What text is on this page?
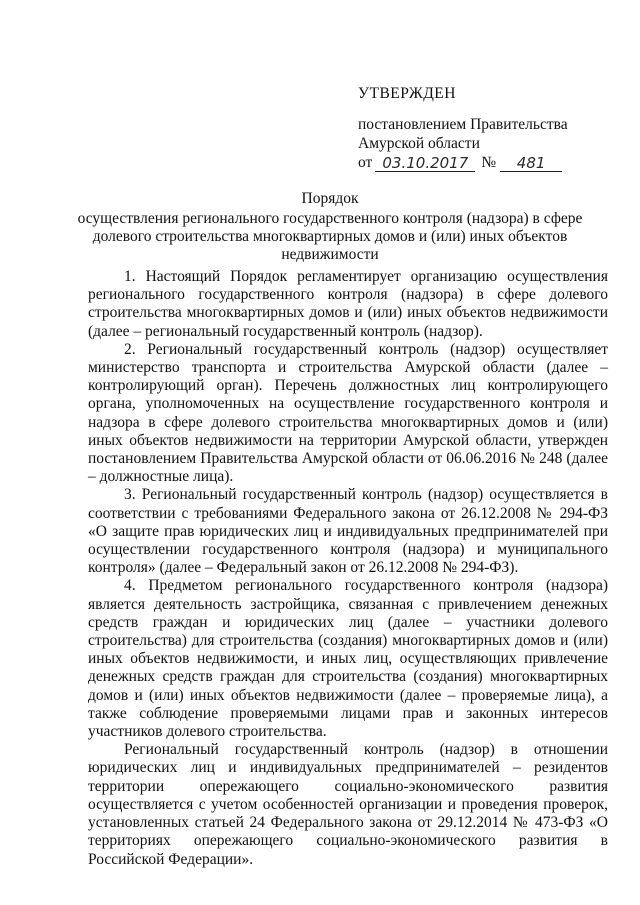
УТВЕРЖДЕН
постановлением Правительства
Амурской области
от 03.10.2017 №	481
Порядок
осуществления регионального государственного контроля (надзора) в сфере
долевого строительства многоквартирных домов и (или) иных объектов
недвижимости

1. Настоящий Порядок регламентирует организацию осуществления регионального государственного контроля (надзора) в сфере долевого строительства многоквартирных домов и (или) иных объектов недвижимости (далее – региональный государственный контроль (надзор).

2. Региональный государственный контроль (надзор) осуществляет министерство транспорта и строительства Амурской области (далее – контролирующий орган). Перечень должностных лиц контролирующего органа, уполномоченных на осуществление государственного контроля и надзора в сфере долевого строительства многоквартирных домов и (или) иных объектов недвижимости на территории Амурской области, утвержден постановлением Правительства Амурской области от 06.06.2016 № 248 (далее – должностные лица).

3. Региональный государственный контроль (надзор) осуществляется в соответствии с требованиями Федерального закона от 26.12.2008 № 294-ФЗ «О защите прав юридических лиц и индивидуальных предпринимателей при осуществлении государственного контроля (надзора) и муниципального контроля» (далее – Федеральный закон от 26.12.2008 № 294-ФЗ).

4. Предметом регионального государственного контроля (надзора) является деятельность застройщика, связанная с привлечением денежных средств граждан и юридических лиц (далее – участники долевого строительства) для строительства (создания) многоквартирных домов и (или) иных объектов недвижимости, и иных лиц, осуществляющих привлечение денежных средств граждан для строительства (создания) многоквартирных домов и (или) иных объектов недвижимости (далее – проверяемые лица), а также соблюдение проверяемыми лицами прав и законных интересов участников долевого строительства.

Региональный государственный контроль (надзор) в отношении юридических лиц и индивидуальных предпринимателей – резидентов территории опережающего социально-экономического развития осуществляется с учетом особенностей организации и проведения проверок, установленных статьей 24 Федерального закона от 29.12.2014 № 473-ФЗ «О территориях опережающего социально-экономического развития в Российской Федерации».
